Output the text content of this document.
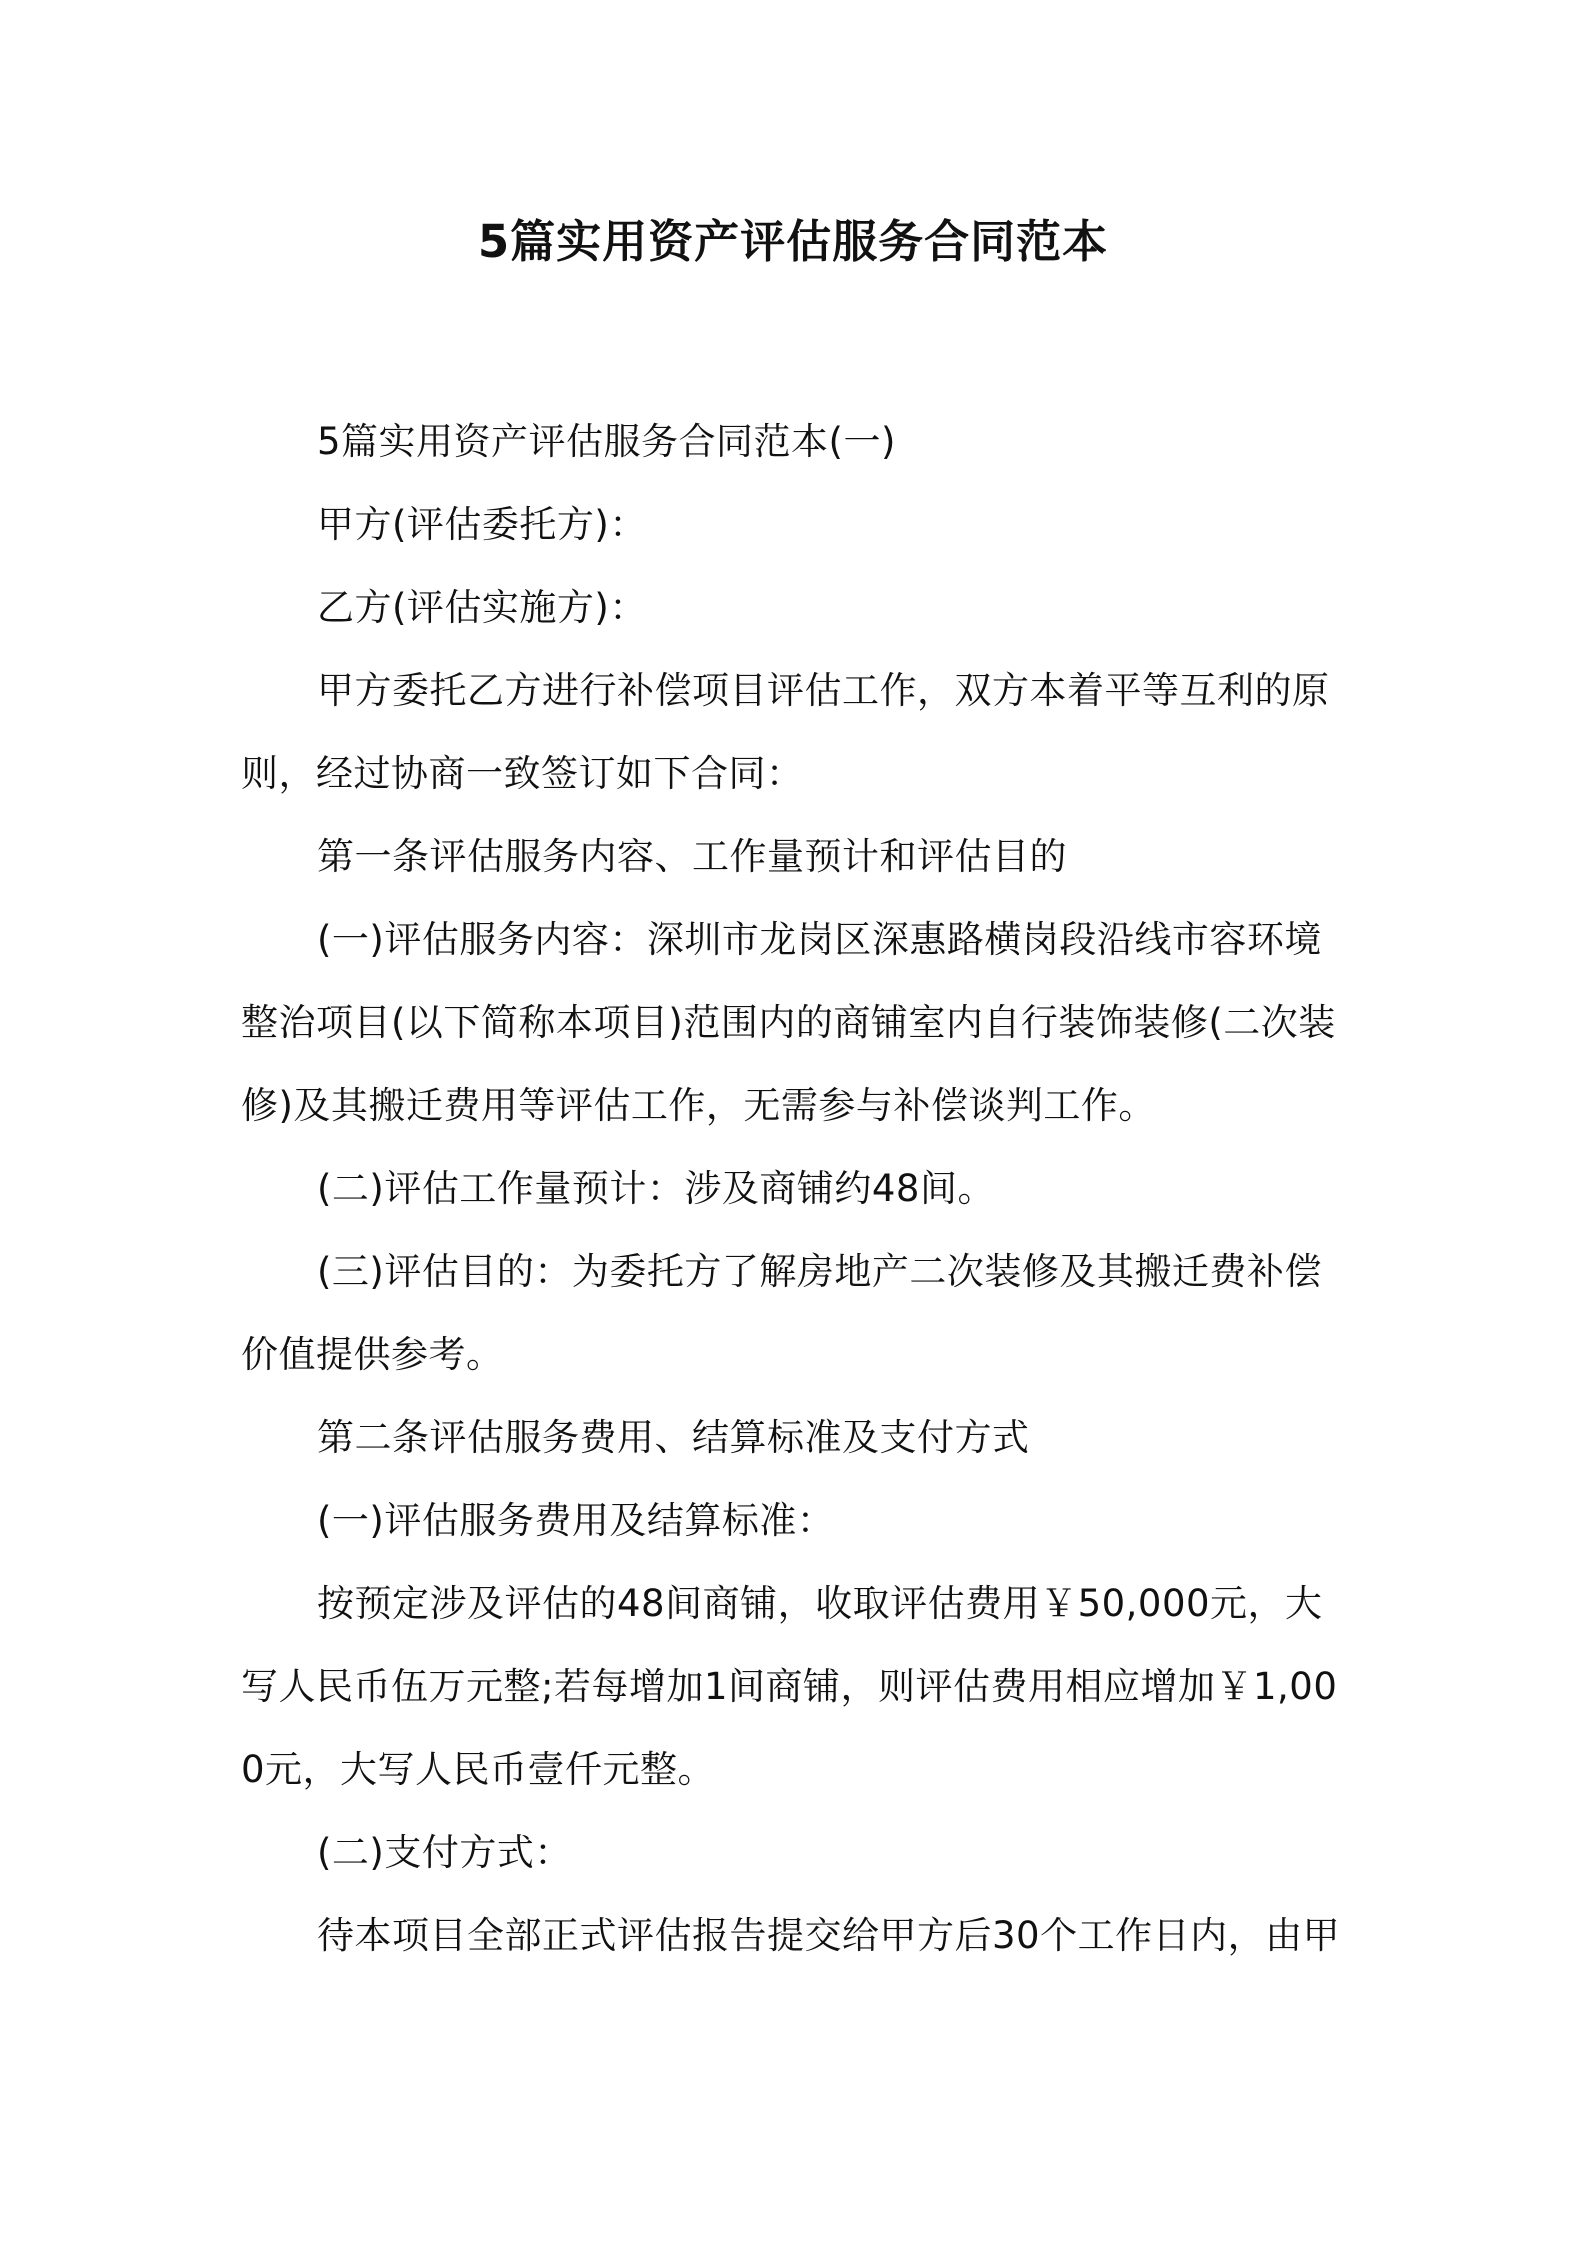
5篇实用资产评估服务合同范本

5篇实用资产评估服务合同范本(一)

甲方(评估委托方)：

乙方(评估实施方)：

甲方委托乙方进行补偿项目评估工作，双方本着平等互利的原则，经过协商一致签订如下合同：

第一条评估服务内容、工作量预计和评估目的

(一)评估服务内容：深圳市龙岗区深惠路横岗段沿线市容环境整治项目(以下简称本项目)范围内的商铺室内自行装饰装修(二次装修)及其搬迁费用等评估工作，无需参与补偿谈判工作。

(二)评估工作量预计：涉及商铺约48间。

(三)评估目的：为委托方了解房地产二次装修及其搬迁费补偿价值提供参考。

第二条评估服务费用、结算标准及支付方式

(一)评估服务费用及结算标准：

按预定涉及评估的48间商铺，收取评估费用￥50,000元，大写人民币伍万元整;若每增加1间商铺，则评估费用相应增加￥1,000元，大写人民币壹仟元整。

(二)支付方式：

待本项目全部正式评估报告提交给甲方后30个工作日内，由甲
